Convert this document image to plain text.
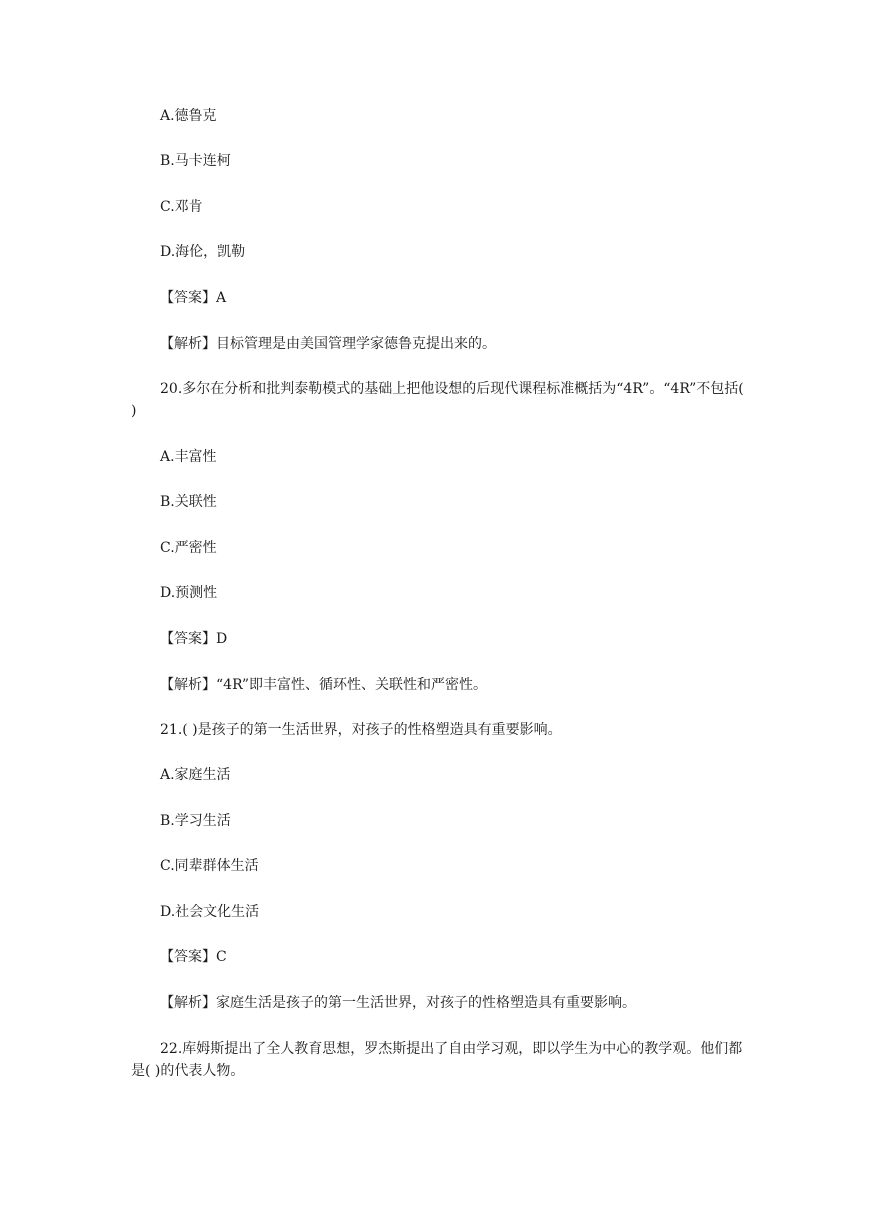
A.德鲁克
B.马卡连柯
C.邓肯
D.海伦，凯勒
【答案】A
【解析】目标管理是由美国管理学家德鲁克提出来的。
20.多尔在分析和批判泰勒模式的基础上把他设想的后现代课程标准概括为“4R”。“4R”不包括( )
A.丰富性
B.关联性
C.严密性
D.预测性
【答案】D
【解析】“4R”即丰富性、循环性、关联性和严密性。
21.( )是孩子的第一生活世界，对孩子的性格塑造具有重要影响。
A.家庭生活
B.学习生活
C.同辈群体生活
D.社会文化生活
【答案】C
【解析】家庭生活是孩子的第一生活世界，对孩子的性格塑造具有重要影响。
22.库姆斯提出了全人教育思想，罗杰斯提出了自由学习观，即以学生为中心的教学观。他们都是( )的代表人物。
